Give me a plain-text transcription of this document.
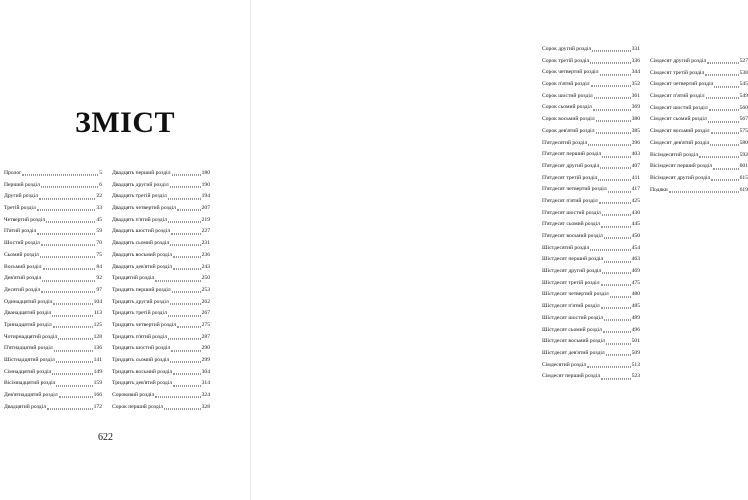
ЗМІСТ
Пролог	5
Перший розділ	6
Другий розділ	22
Третій розділ	33
Четвертий розділ	45
П'ятий розділ	59
Шостий розділ	70
Сьомий розділ	75
Восьмий розділ	84
Дев'ятий розділ	92
Десятий розділ	97
Одинадцятий розділ	104
Дванадцятий розділ	113
Тринадцятий розділ	125
Чотирнадцятий розділ	128
П'ятнадцятий розділ	136
Шістнадцятий розділ	141
Сімнадцятий розділ	149
Вісімнадцятий розділ	159
Дев'ятнадцятий розділ	166
Двадцятий розділ	172
Двадцять перший розділ	180
Двадцять другий розділ	190
Двадцять третій розділ	194
Двадцять четвертий розділ	207
Двадцять п'ятий розділ	219
Двадцять шостий розділ	227
Двадцять сьомий розділ	231
Двадцять восьмий розділ	236
Двадцять дев'ятий розділ	243
Тридцятий розділ	250
Тридцять перший розділ	253
Тридцять другий розділ	262
Тридцять третій розділ	267
Тридцять четвертий розділ	275
Тридцять п'ятий розділ	287
Тридцять шостий розділ	290
Тридцять сьомий розділ	299
Тридцять восьмий розділ	304
Тридцять дев'ятий розділ	314
Сороковий розділ	324
Сорок перший розділ	328
622
Сорок другий розділ	331
Сорок третій розділ	336
Сорок четвертий розділ	344
Сорок п'ятий розділ	352
Сорок шостий розділ	361
Сорок сьомий розділ	369
Сорок восьмий розділ	380
Сорок дев'ятий розділ	385
П'ятдесятий розділ	396
П'ятдесят перший розділ	403
П'ятдесят другий розділ	407
П'ятдесят третій розділ	411
П'ятдесят четвертий розділ	417
П'ятдесят п'ятий розділ	425
П'ятдесят шостий розділ	430
П'ятдесят сьомий розділ	445
П'ятдесят восьмий розділ	450
Шістдесятий розділ	454
Шістдесят перший розділ	463
Шістдесят другий розділ	469
Шістдесят третій розділ	475
Шістдесят четвертий розділ	480
Шістдесят п'ятий розділ	485
Шістдесят шостий розділ	489
Шістдесят сьомий розділ	496
Шістдесят восьмий розділ	501
Шістдесят дев'ятий розділ	509
Сімдесятий розділ	513
Сімдесят перший розділ	523
Сімдесят другий розділ	527
Сімдесят третій розділ	538
Сімдесят четвертий розділ	545
Сімдесят п'ятий розділ	549
Сімдесят шостий розділ	560
Сімдесят сьомий розділ	567
Сімдесят восьмий розділ	575
Сімдесят дев'ятий розділ	580
Вісімдесятий розділ	592
Вісімдесят перший розділ	601
Вісімдесят другий розділ	615
Подяки	619
